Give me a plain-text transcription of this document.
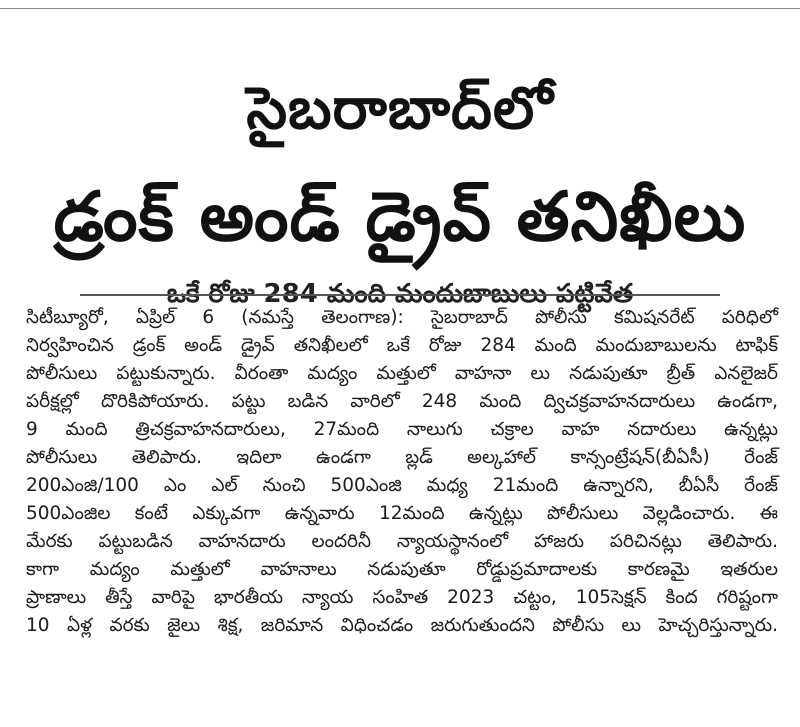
సైబరాబాద్‌లో
డ్రంక్ అండ్ డ్రైవ్ తనిఖీలు
ఒకే రోజు 284 మంది మందుబాబులు పట్టివేత
సిటీబ్యూరో, ఏప్రిల్ 6 (నమస్తే తెలంగాణ): సైబరాబాద్ పోలీసు కమిషనరేట్ పరిధిలో
నిర్వహించిన డ్రంక్ అండ్ డ్రైవ్ తనిఖీలలో ఒకే రోజు 284 మంది మందుబాబులను టాఫిక్
పోలీసులు పట్టుకున్నారు. వీరంతా మద్యం మత్తులో వాహనా లు నడుపుతూ బ్రీత్ ఎనలైజర్
పరీక్షల్లో దొరికిపోయారు. పట్టు బడిన వారిలో 248 మంది ద్విచక్రవాహనదారులు ఉండగా,
9 మంది త్రిచక్రవాహనదారులు, 27మంది నాలుగు చక్రాల వాహ నదారులు ఉన్నట్లు
పోలీసులు తెలిపారు. ఇదిలా ఉండగా బ్లడ్ అల్కహాల్ కాన్సంట్రేషన్(బీఏసీ) రేంజ్
200ఎంజి/100 ఎం ఎల్ నుంచి 500ఎంజి మధ్య 21మంది ఉన్నారని, బీఏసీ రేంజ్
500ఎంజిల కంటే ఎక్కువగా ఉన్నవారు 12మంది ఉన్నట్లు పోలీసులు వెల్లడించారు. ఈ
మేరకు పట్టుబడిన వాహనదారు లందరినీ న్యాయస్థానంలో హాజరు పరిచినట్లు తెలిపారు.
కాగా మద్యం మత్తులో వాహనాలు నడుపుతూ రోడ్డుప్రమాదాలకు కారణమై ఇతరుల
ప్రాణాలు తీస్తే వారిపై భారతీయ న్యాయ సంహిత 2023 చట్టం, 105సెక్షన్ కింద గరిష్టంగా
10 ఏళ్ల వరకు జైలు శిక్ష, జరిమాన విధించడం జరుగుతుందని పోలీసు లు హెచ్చరిస్తున్నారు.
